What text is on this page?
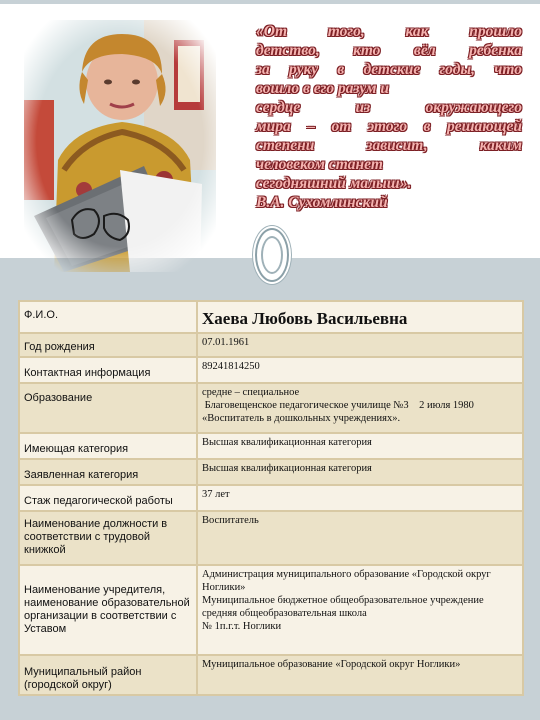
«От того, как прошло
детство, кто вёл ребенка
за руку в детские годы, что
вошло в его разум и
сердце из окружающего
мира – от этого в решающей
степени зависит, каким
человеком станет
сегодняшний малыш».
В.А. Сухомлинский
Ф.И.О.	Хаева Любовь Васильевна

Год рождения	07.01.1961

Контактная информация	89241814250

Образование	средне – специальное
Благовещенское педагогическое училище №3    2 июля 1980
«Воспитатель в дошкольных учреждениях».

Имеющая категория	Высшая квалификационная категория

Заявленная категория	Высшая квалификационная категория

Стаж педагогической работы	37 лет

Наименование должности в соответствии с трудовой книжкой	Воспитатель

Наименование учредителя, наименование образовательной организации в соответствии с Уставом	Администрация муниципального образование «Городской округ Ноглики»
Муниципальное бюджетное общеобразовательное учреждение средняя общеобразовательная школа
№ 1п.г.т. Ноглики

Муниципальный район (городской округ)	Муниципальное образование «Городской округ Ноглики»
